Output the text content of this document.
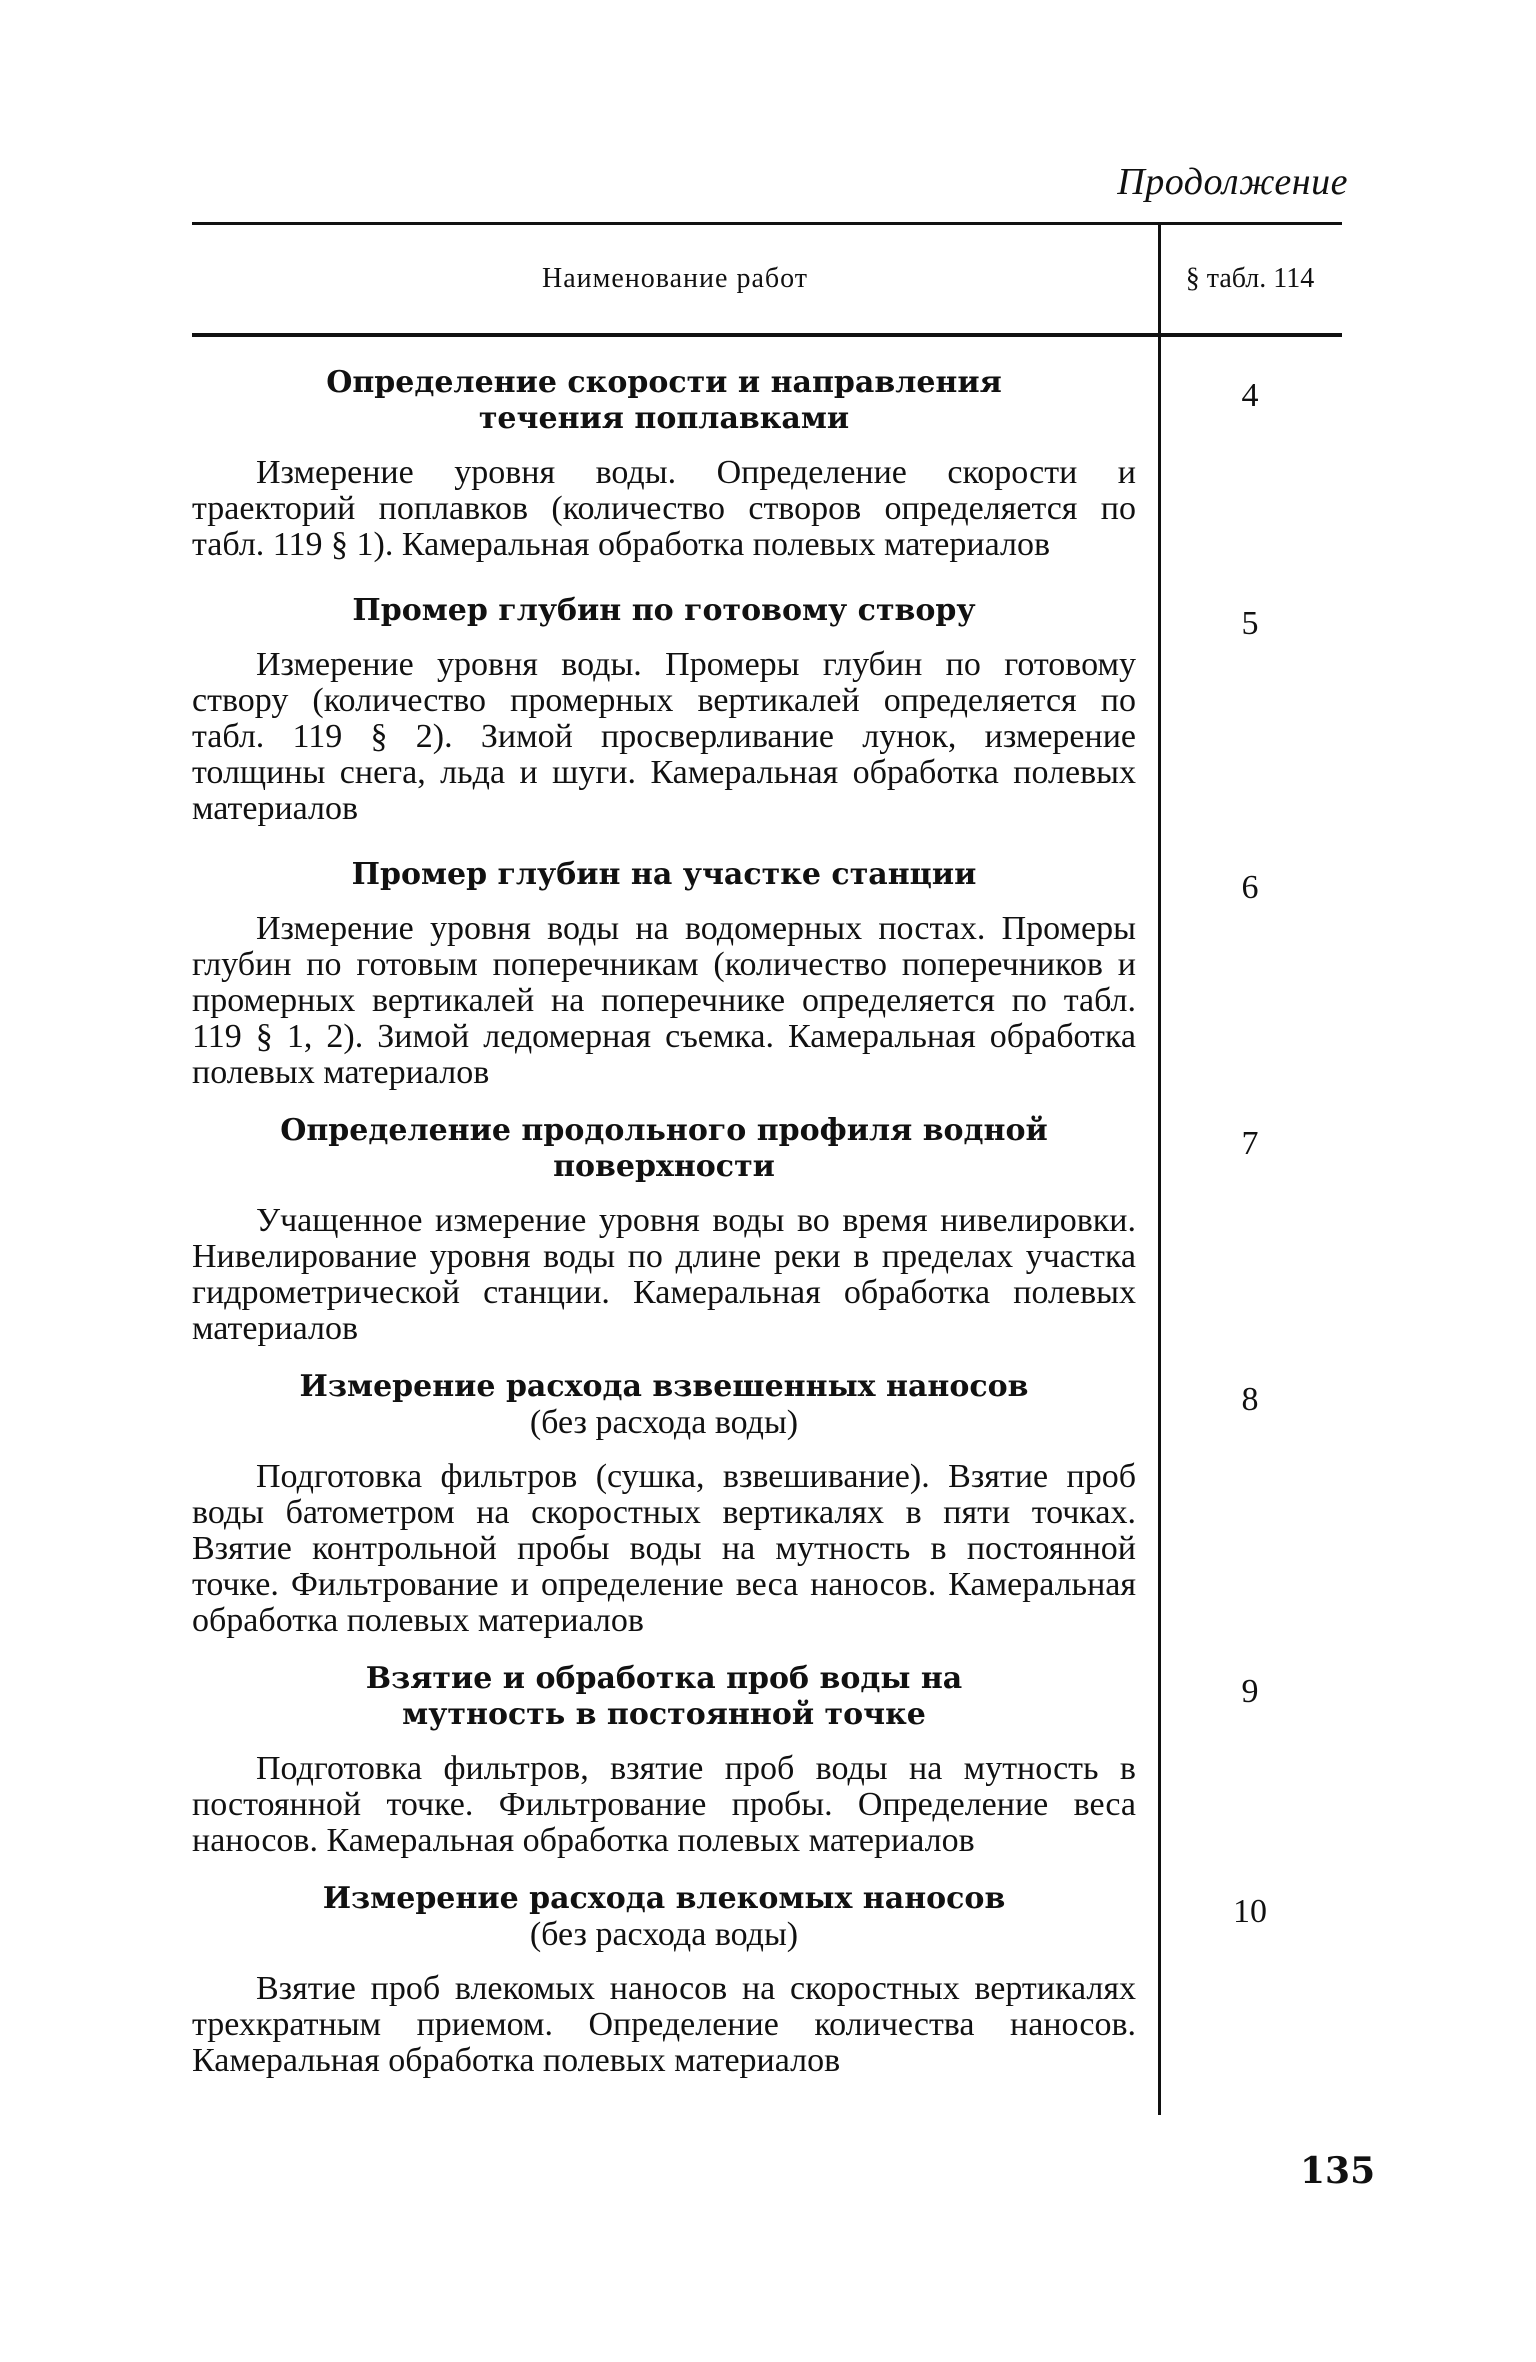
Продолжение
Наименование работ	§ табл. 114
Определение скорости и направления течения поплавками
Измерение уровня воды. Определение скорости и траекторий поплавков (количество створов определяется по табл. 119 § 1). Камеральная обработка полевых материалов
4
Промер глубин по готовому створу
Измерение уровня воды. Промеры глубин по готовому створу (количество промерных вертикалей определяется по табл. 119 § 2). Зимой просверливание лунок, измерение толщины снега, льда и шуги. Камеральная обработка полевых материалов
5
Промер глубин на участке станции
Измерение уровня воды на водомерных постах. Промеры глубин по готовым поперечникам (количество поперечников и промерных вертикалей на поперечнике определяется по табл. 119 § 1, 2). Зимой ледомерная съемка. Камеральная обработка полевых материалов
6
Определение продольного профиля водной поверхности
Учащенное измерение уровня воды во время нивелировки. Нивелирование уровня воды по длине реки в пределах участка гидрометрической станции. Камеральная обработка полевых материалов
7
Измерение расхода взвешенных наносов
(без расхода воды)
Подготовка фильтров (сушка, взвешивание). Взятие проб воды батометром на скоростных вертикалях в пяти точках. Взятие контрольной пробы воды на мутность в постоянной точке. Фильтрование и определение веса наносов. Камеральная обработка полевых материалов
8
Взятие и обработка проб воды на мутность в постоянной точке
Подготовка фильтров, взятие проб воды на мутность в постоянной точке. Фильтрование пробы. Определение веса наносов. Камеральная обработка полевых материалов
9
Измерение расхода влекомых наносов
(без расхода воды)
Взятие проб влекомых наносов на скоростных вертикалях трехкратным приемом. Определение количества наносов. Камеральная обработка полевых материалов
10
135
